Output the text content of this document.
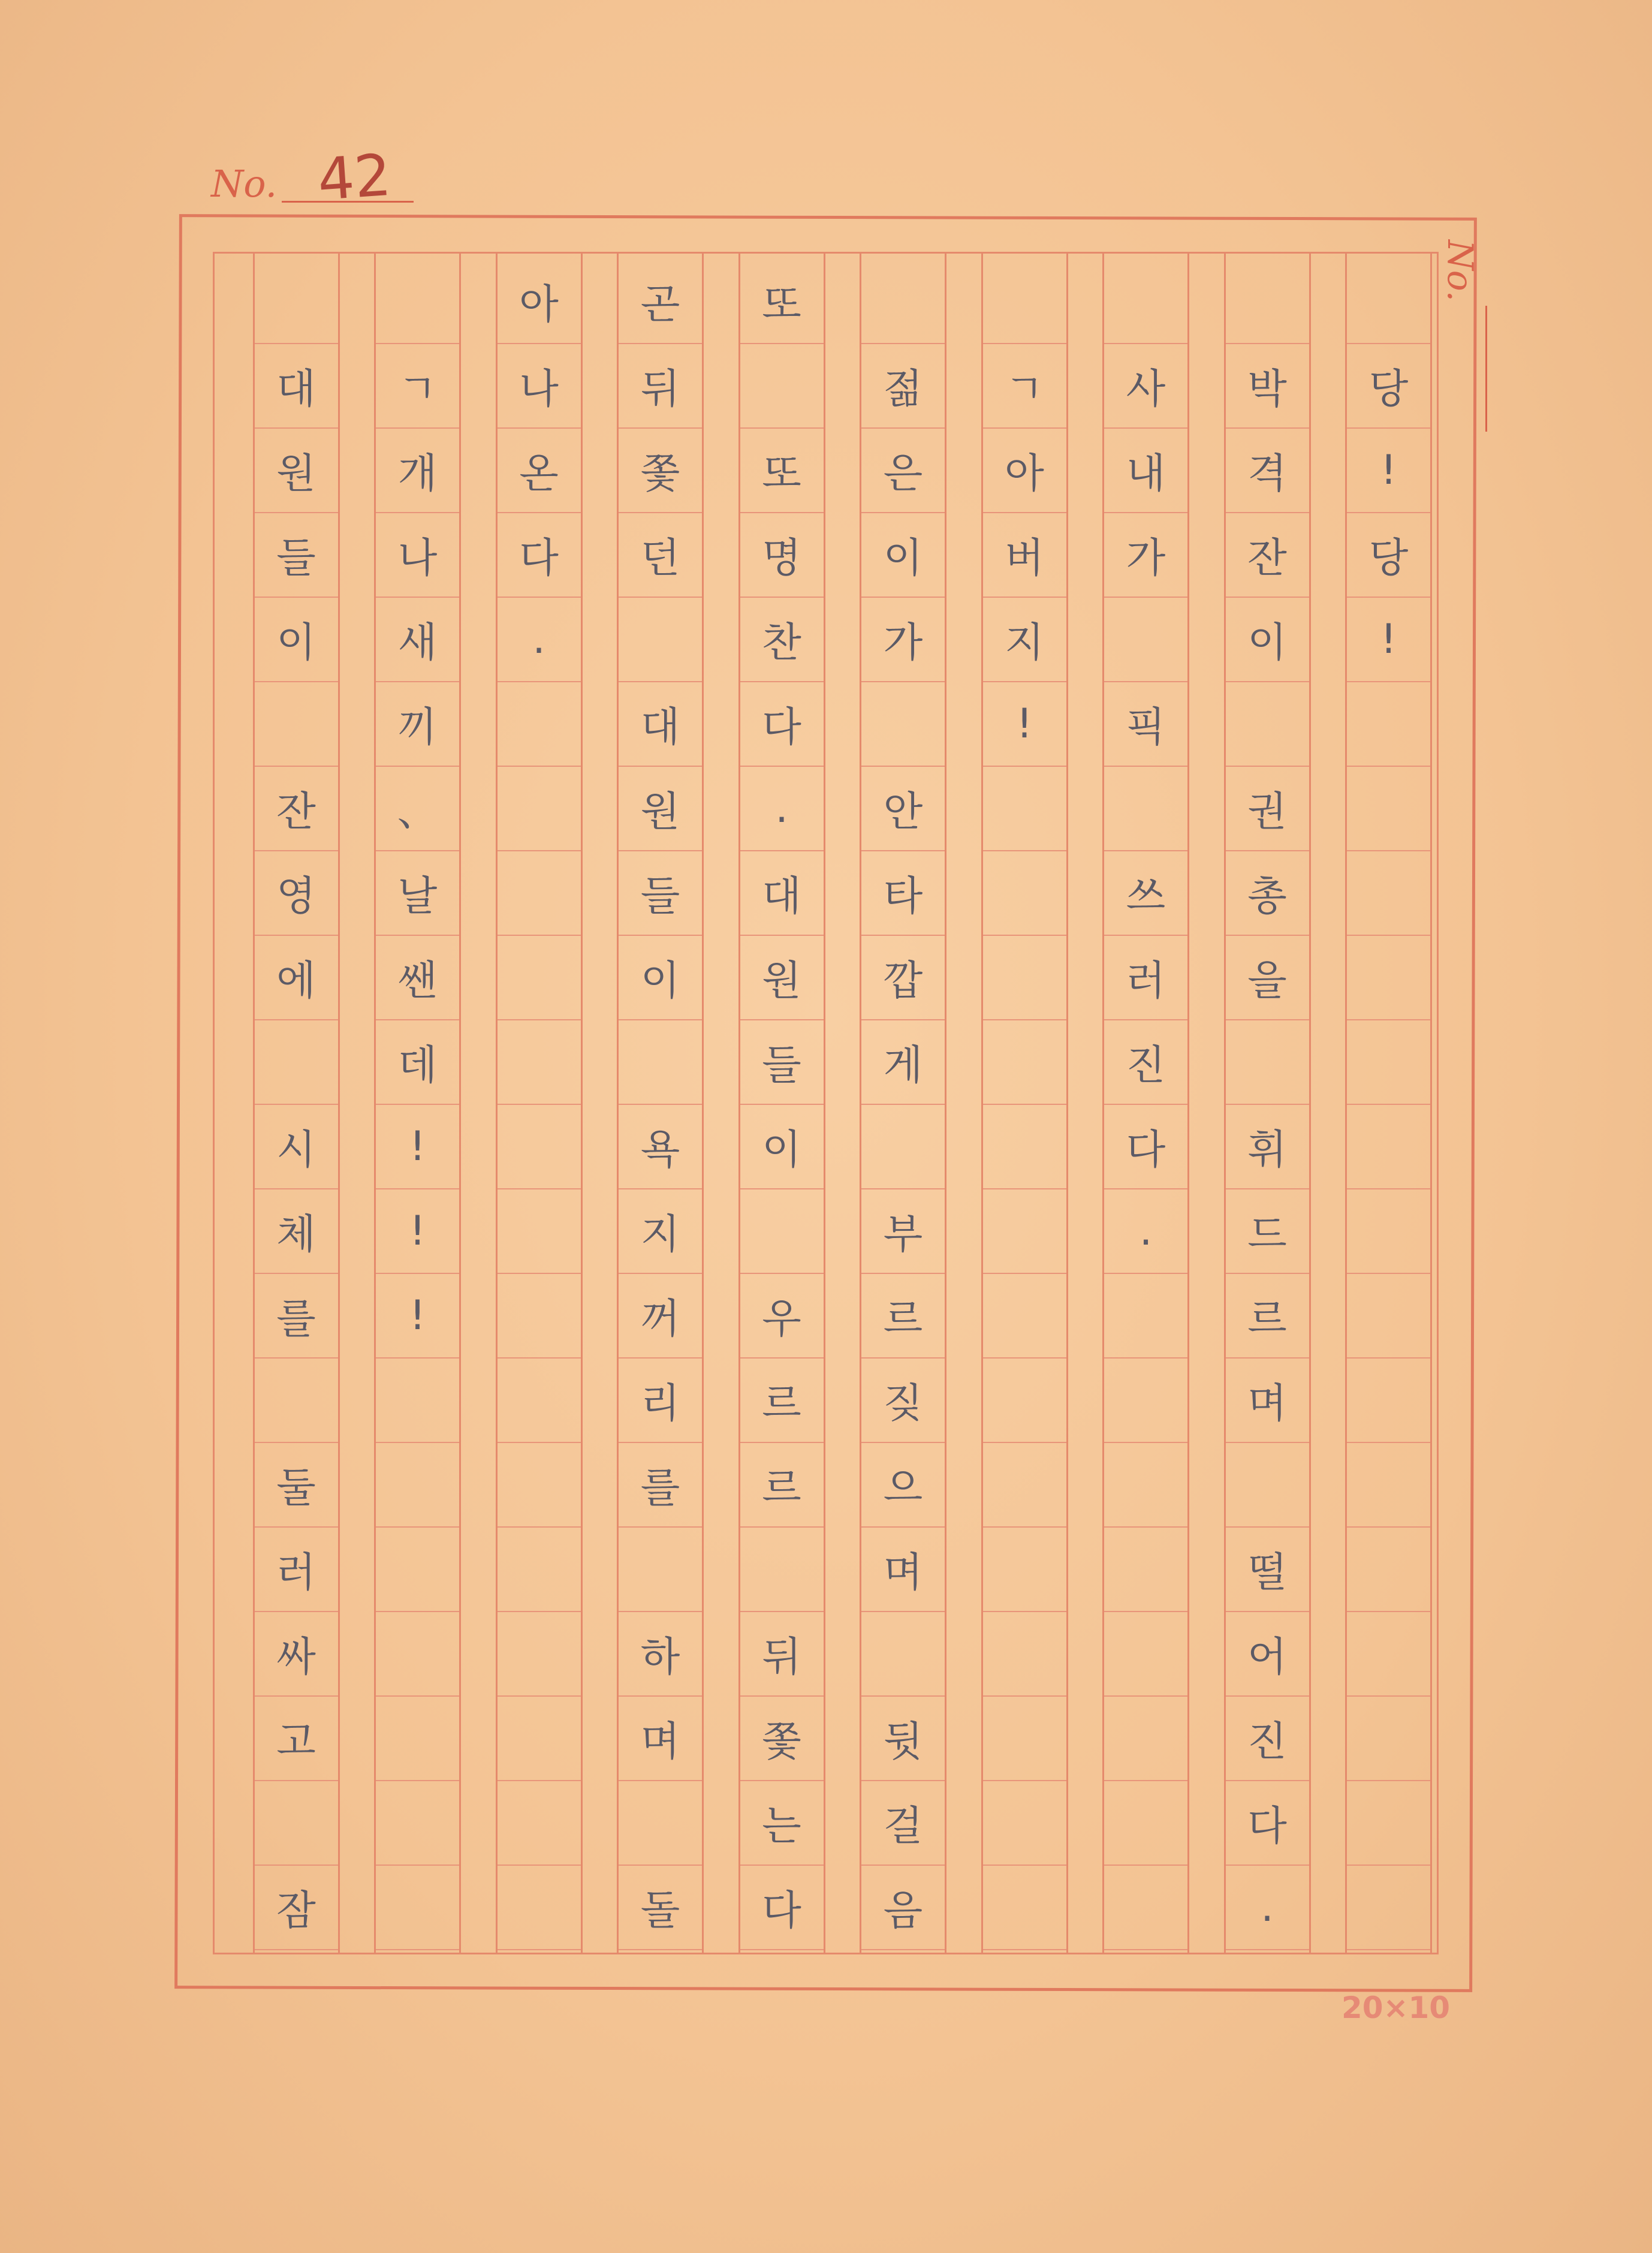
No. 42
No.
당
!
당
!
박
격
잔
이
권
총
을
휘
드
르
며
떨
어
진
다
.
사
내
가
픽
쓰
러
진
다
.
ㄱ
아
버
지
!
젊
은
이
가
안
타
깝
게
부
르
짖
으
며
뒷
걸
음
또
또
명
찬
다
.
대
원
들
이
우
르
르
뒤
쫓
는
다
곤
뒤
쫓
던
대
원
들
이
욕
지
꺼
리
를
하
며
돌
아
나
온
다
.
ㄱ
개
나
새
끼
、
날
쌘
데
!
!
!
대
원
들
이
잔
영
에
시
체
를
둘
러
싸
고
잠
20×10
